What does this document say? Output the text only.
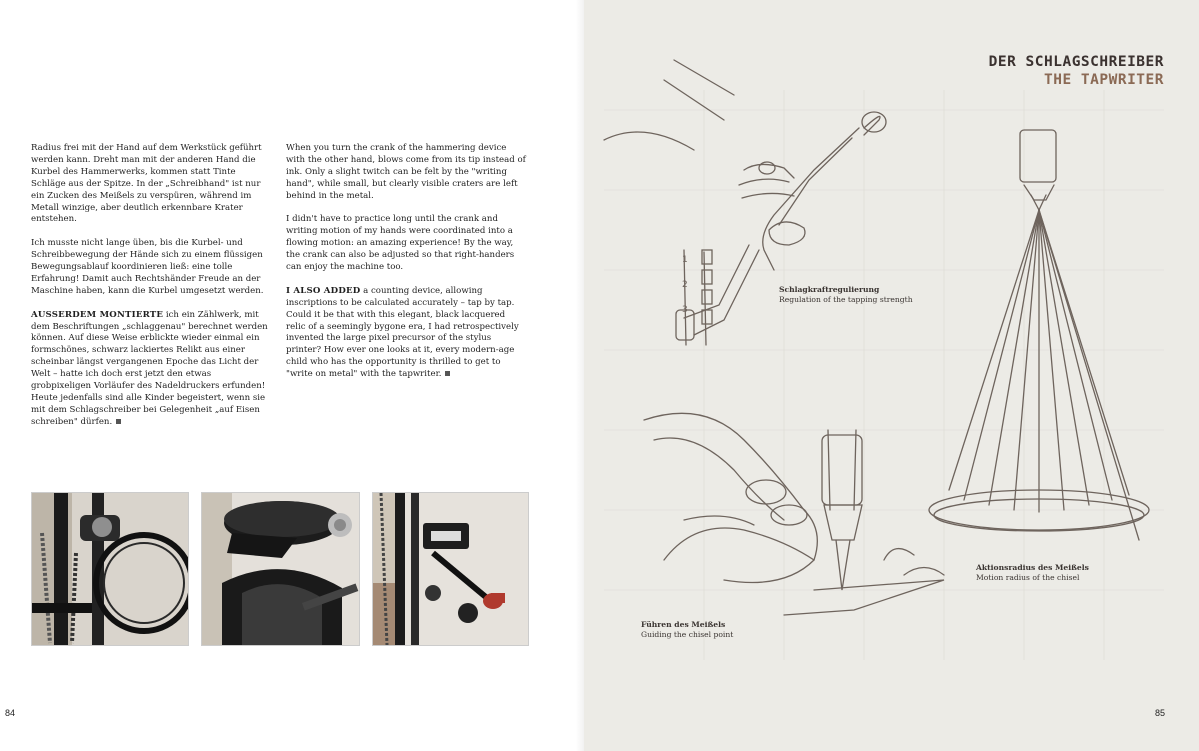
Radius frei mit der Hand auf dem Werkstück geführt werden kann. Dreht man mit der anderen Hand die Kurbel des Hammerwerks, kommen statt Tinte Schläge aus der Spitze. In der „Schreibhand" ist nur ein Zucken des Meißels zu verspüren, während im Metall winzige, aber deutlich erkennbare Krater entstehen.

Ich musste nicht lange üben, bis die Kurbel- und Schreibbewegung der Hände sich zu einem flüssigen Bewegungsablauf koordinieren ließ: eine tolle Erfahrung! Damit auch Rechtshänder Freude an der Maschine haben, kann die Kurbel umgesetzt werden.

AUSSERDEM MONTIERTE ich ein Zählwerk, mit dem Beschriftungen „schlaggenau" berechnet werden können. Auf diese Weise erblickte wieder einmal ein formschönes, schwarz lackiertes Relikt aus einer scheinbar längst vergangenen Epoche das Licht der Welt – hatte ich doch erst jetzt den etwas grobpixeligen Vorläufer des Nadeldruckers erfunden! Heute jedenfalls sind alle Kinder begeistert, wenn sie mit dem Schlagschreiber bei Gelegenheit „auf Eisen schreiben" dürfen.

When you turn the crank of the hammering device with the other hand, blows come from its tip instead of ink. Only a slight twitch can be felt by the "writing hand", while small, but clearly visible craters are left behind in the metal.

I didn't have to practice long until the crank and writing motion of my hands were coordinated into a flowing motion: an amazing experience! By the way, the crank can also be adjusted so that right-handers can enjoy the machine too.

I ALSO ADDED a counting device, allowing inscriptions to be calculated accurately – tap by tap. Could it be that with this elegant, black lacquered relic of a seemingly bygone era, I had retrospectively invented the large pixel precursor of the stylus printer? How ever one looks at it, every modern-age child who has the opportunity is thrilled to get to "write on metal" with the tapwriter.

84
1
2
3
DER SCHLAGSCHREIBER
THE TAPWRITER
Schlagkraftregulierung
Regulation of the tapping strength
Aktionsradius des Meißels
Motion radius of the chisel
Führen des Meißels
Guiding the chisel point
85
